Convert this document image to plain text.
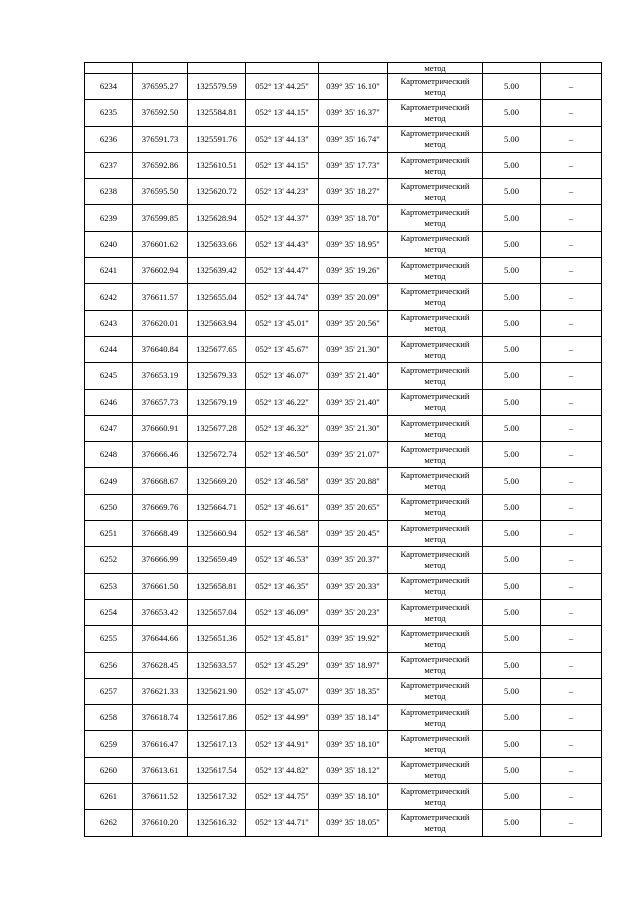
					метод		
6234	376595.27	1325579.59	052° 13' 44.25"	039° 35' 16.10"	Картометрический
метод	5.00	–
6235	376592.50	1325584.81	052° 13' 44.15"	039° 35' 16.37"	Картометрический
метод	5.00	–
6236	376591.73	1325591.76	052° 13' 44.13"	039° 35' 16.74"	Картометрический
метод	5.00	–
6237	376592.86	1325610.51	052° 13' 44.15"	039° 35' 17.73"	Картометрический
метод	5.00	–
6238	376595.50	1325620.72	052° 13' 44.23"	039° 35' 18.27"	Картометрический
метод	5.00	–
6239	376599.85	1325628.94	052° 13' 44.37"	039° 35' 18.70"	Картометрический
метод	5.00	–
6240	376601.62	1325633.66	052° 13' 44.43"	039° 35' 18.95"	Картометрический
метод	5.00	–
6241	376602.94	1325639.42	052° 13' 44.47"	039° 35' 19.26"	Картометрический
метод	5.00	–
6242	376611.57	1325655.04	052° 13' 44.74"	039° 35' 20.09"	Картометрический
метод	5.00	–
6243	376620.01	1325663.94	052° 13' 45.01"	039° 35' 20.56"	Картометрический
метод	5.00	–
6244	376640.84	1325677.65	052° 13' 45.67"	039° 35' 21.30"	Картометрический
метод	5.00	–
6245	376653.19	1325679.33	052° 13' 46.07"	039° 35' 21.40"	Картометрический
метод	5.00	–
6246	376657.73	1325679.19	052° 13' 46.22"	039° 35' 21.40"	Картометрический
метод	5.00	–
6247	376660.91	1325677.28	052° 13' 46.32"	039° 35' 21.30"	Картометрический
метод	5.00	–
6248	376666.46	1325672.74	052° 13' 46.50"	039° 35' 21.07"	Картометрический
метод	5.00	–
6249	376668.67	1325669.20	052° 13' 46.58"	039° 35' 20.88"	Картометрический
метод	5.00	–
6250	376669.76	1325664.71	052° 13' 46.61"	039° 35' 20.65"	Картометрический
метод	5.00	–
6251	376668.49	1325660.94	052° 13' 46.58"	039° 35' 20.45"	Картометрический
метод	5.00	–
6252	376666.99	1325659.49	052° 13' 46.53"	039° 35' 20.37"	Картометрический
метод	5.00	–
6253	376661.50	1325658.81	052° 13' 46.35"	039° 35' 20.33"	Картометрический
метод	5.00	–
6254	376653.42	1325657.04	052° 13' 46.09"	039° 35' 20.23"	Картометрический
метод	5.00	–
6255	376644.66	1325651.36	052° 13' 45.81"	039° 35' 19.92"	Картометрический
метод	5.00	–
6256	376628.45	1325633.57	052° 13' 45.29"	039° 35' 18.97"	Картометрический
метод	5.00	–
6257	376621.33	1325621.90	052° 13' 45.07"	039° 35' 18.35"	Картометрический
метод	5.00	–
6258	376618.74	1325617.86	052° 13' 44.99"	039° 35' 18.14"	Картометрический
метод	5.00	–
6259	376616.47	1325617.13	052° 13' 44.91"	039° 35' 18.10"	Картометрический
метод	5.00	–
6260	376613.61	1325617.54	052° 13' 44.82"	039° 35' 18.12"	Картометрический
метод	5.00	–
6261	376611.52	1325617.32	052° 13' 44.75"	039° 35' 18.10"	Картометрический
метод	5.00	–
6262	376610.20	1325616.32	052° 13' 44.71"	039° 35' 18.05"	Картометрический
метод	5.00	–
